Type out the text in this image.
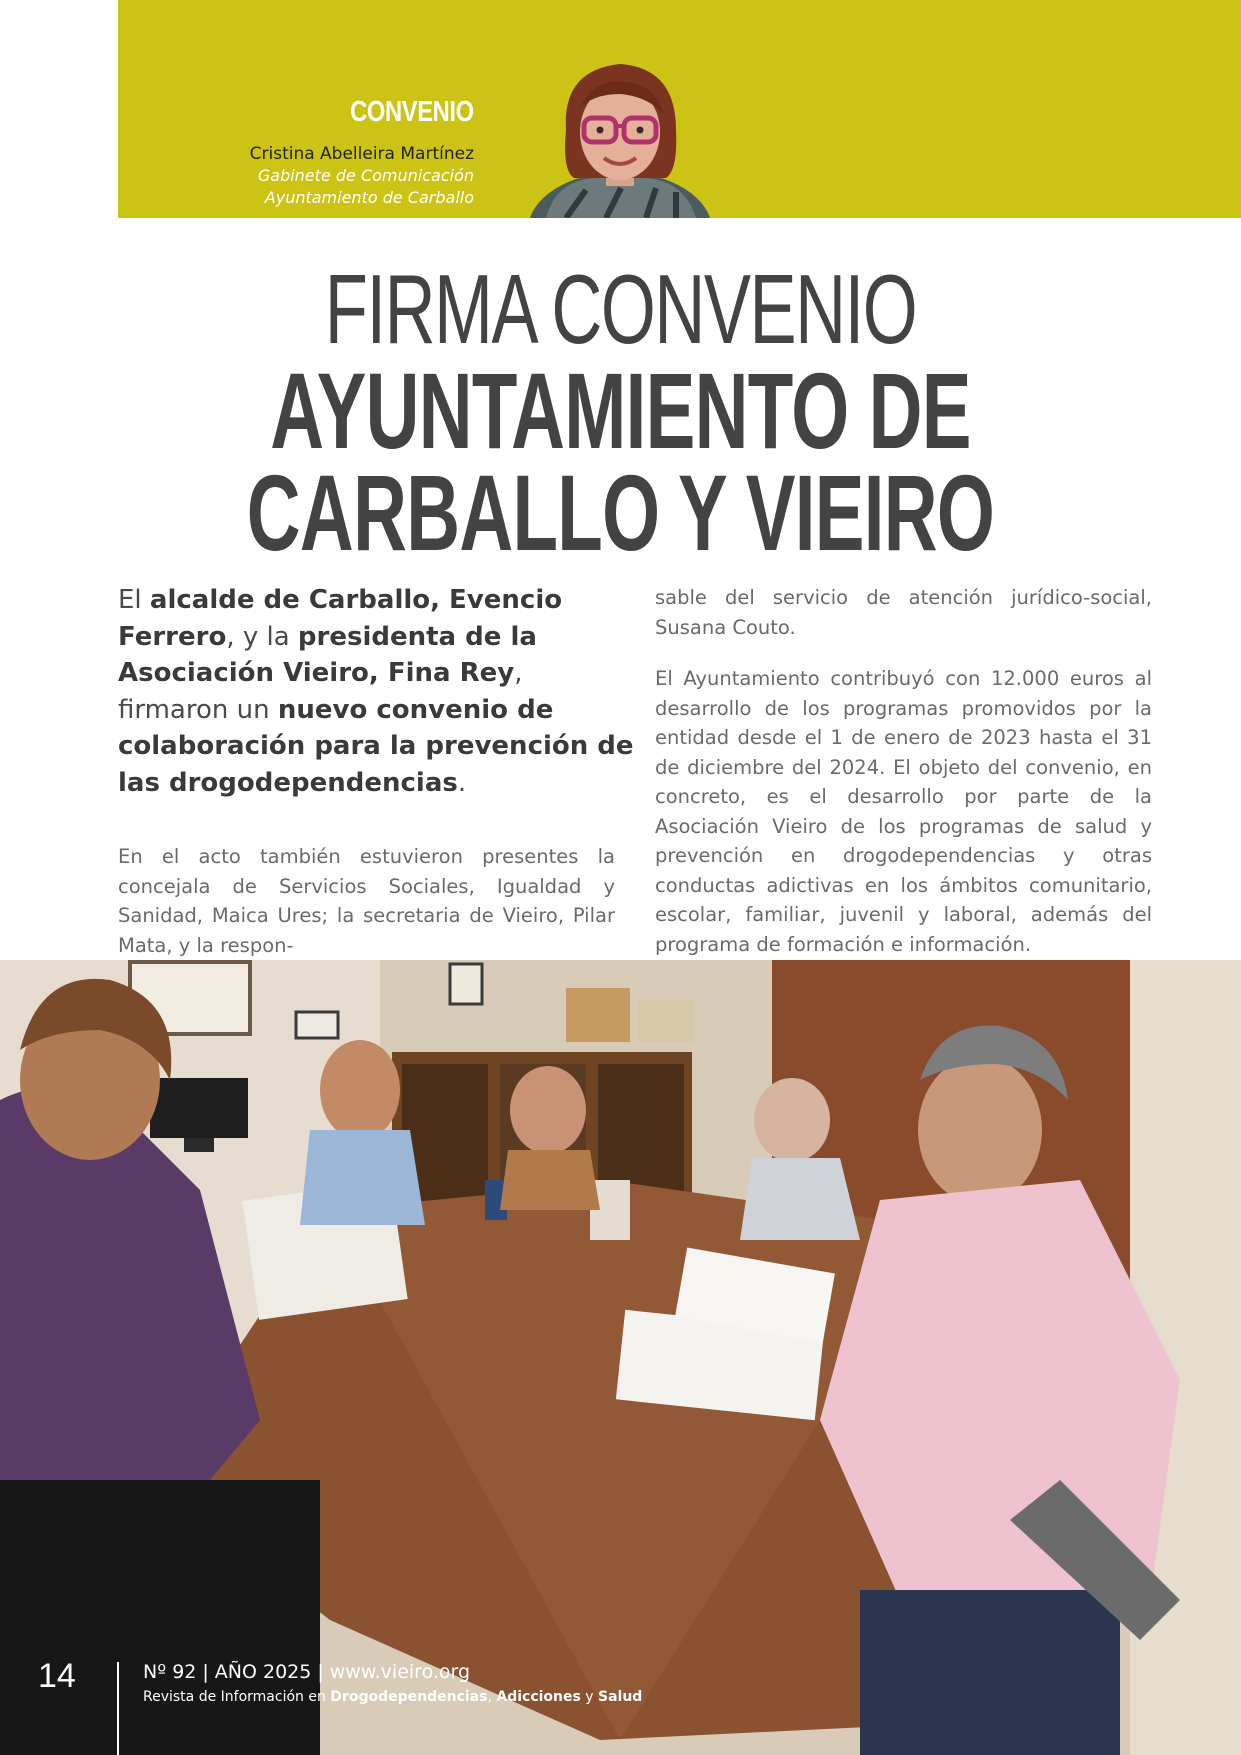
CONVENIO
Cristina Abelleira Martínez
Gabinete de Comunicación
Ayuntamiento de Carballo
FIRMA CONVENIO
AYUNTAMIENTO DE
CARBALLO Y VIEIRO
El alcalde de Carballo, Evencio Ferrero, y la presidenta de la Asociación Vieiro, Fina Rey, firmaron un nuevo convenio de colaboración para la prevención de las drogodependencias.

En el acto también estuvieron presentes la concejala de Servicios Sociales, Igualdad y Sanidad, Maica Ures; la secretaria de Vieiro, Pilar Mata, y la respon-

sable del servicio de atención jurídico-social, Susana Couto.

El Ayuntamiento contribuyó con 12.000 euros al desarrollo de los programas promovidos por la entidad desde el 1 de enero de 2023 hasta el 31 de diciembre del 2024. El objeto del convenio, en concreto, es el desarrollo por parte de la Asociación Vieiro de los programas de salud y prevención en drogodependencias y otras conductas adictivas en los ámbitos comunitario, escolar, familiar, juvenil y laboral, además del programa de formación e información.

14	Nº 92 | AÑO 2025 | www.vieiro.org
Revista de Información en Drogodependencias, Adicciones y Salud
